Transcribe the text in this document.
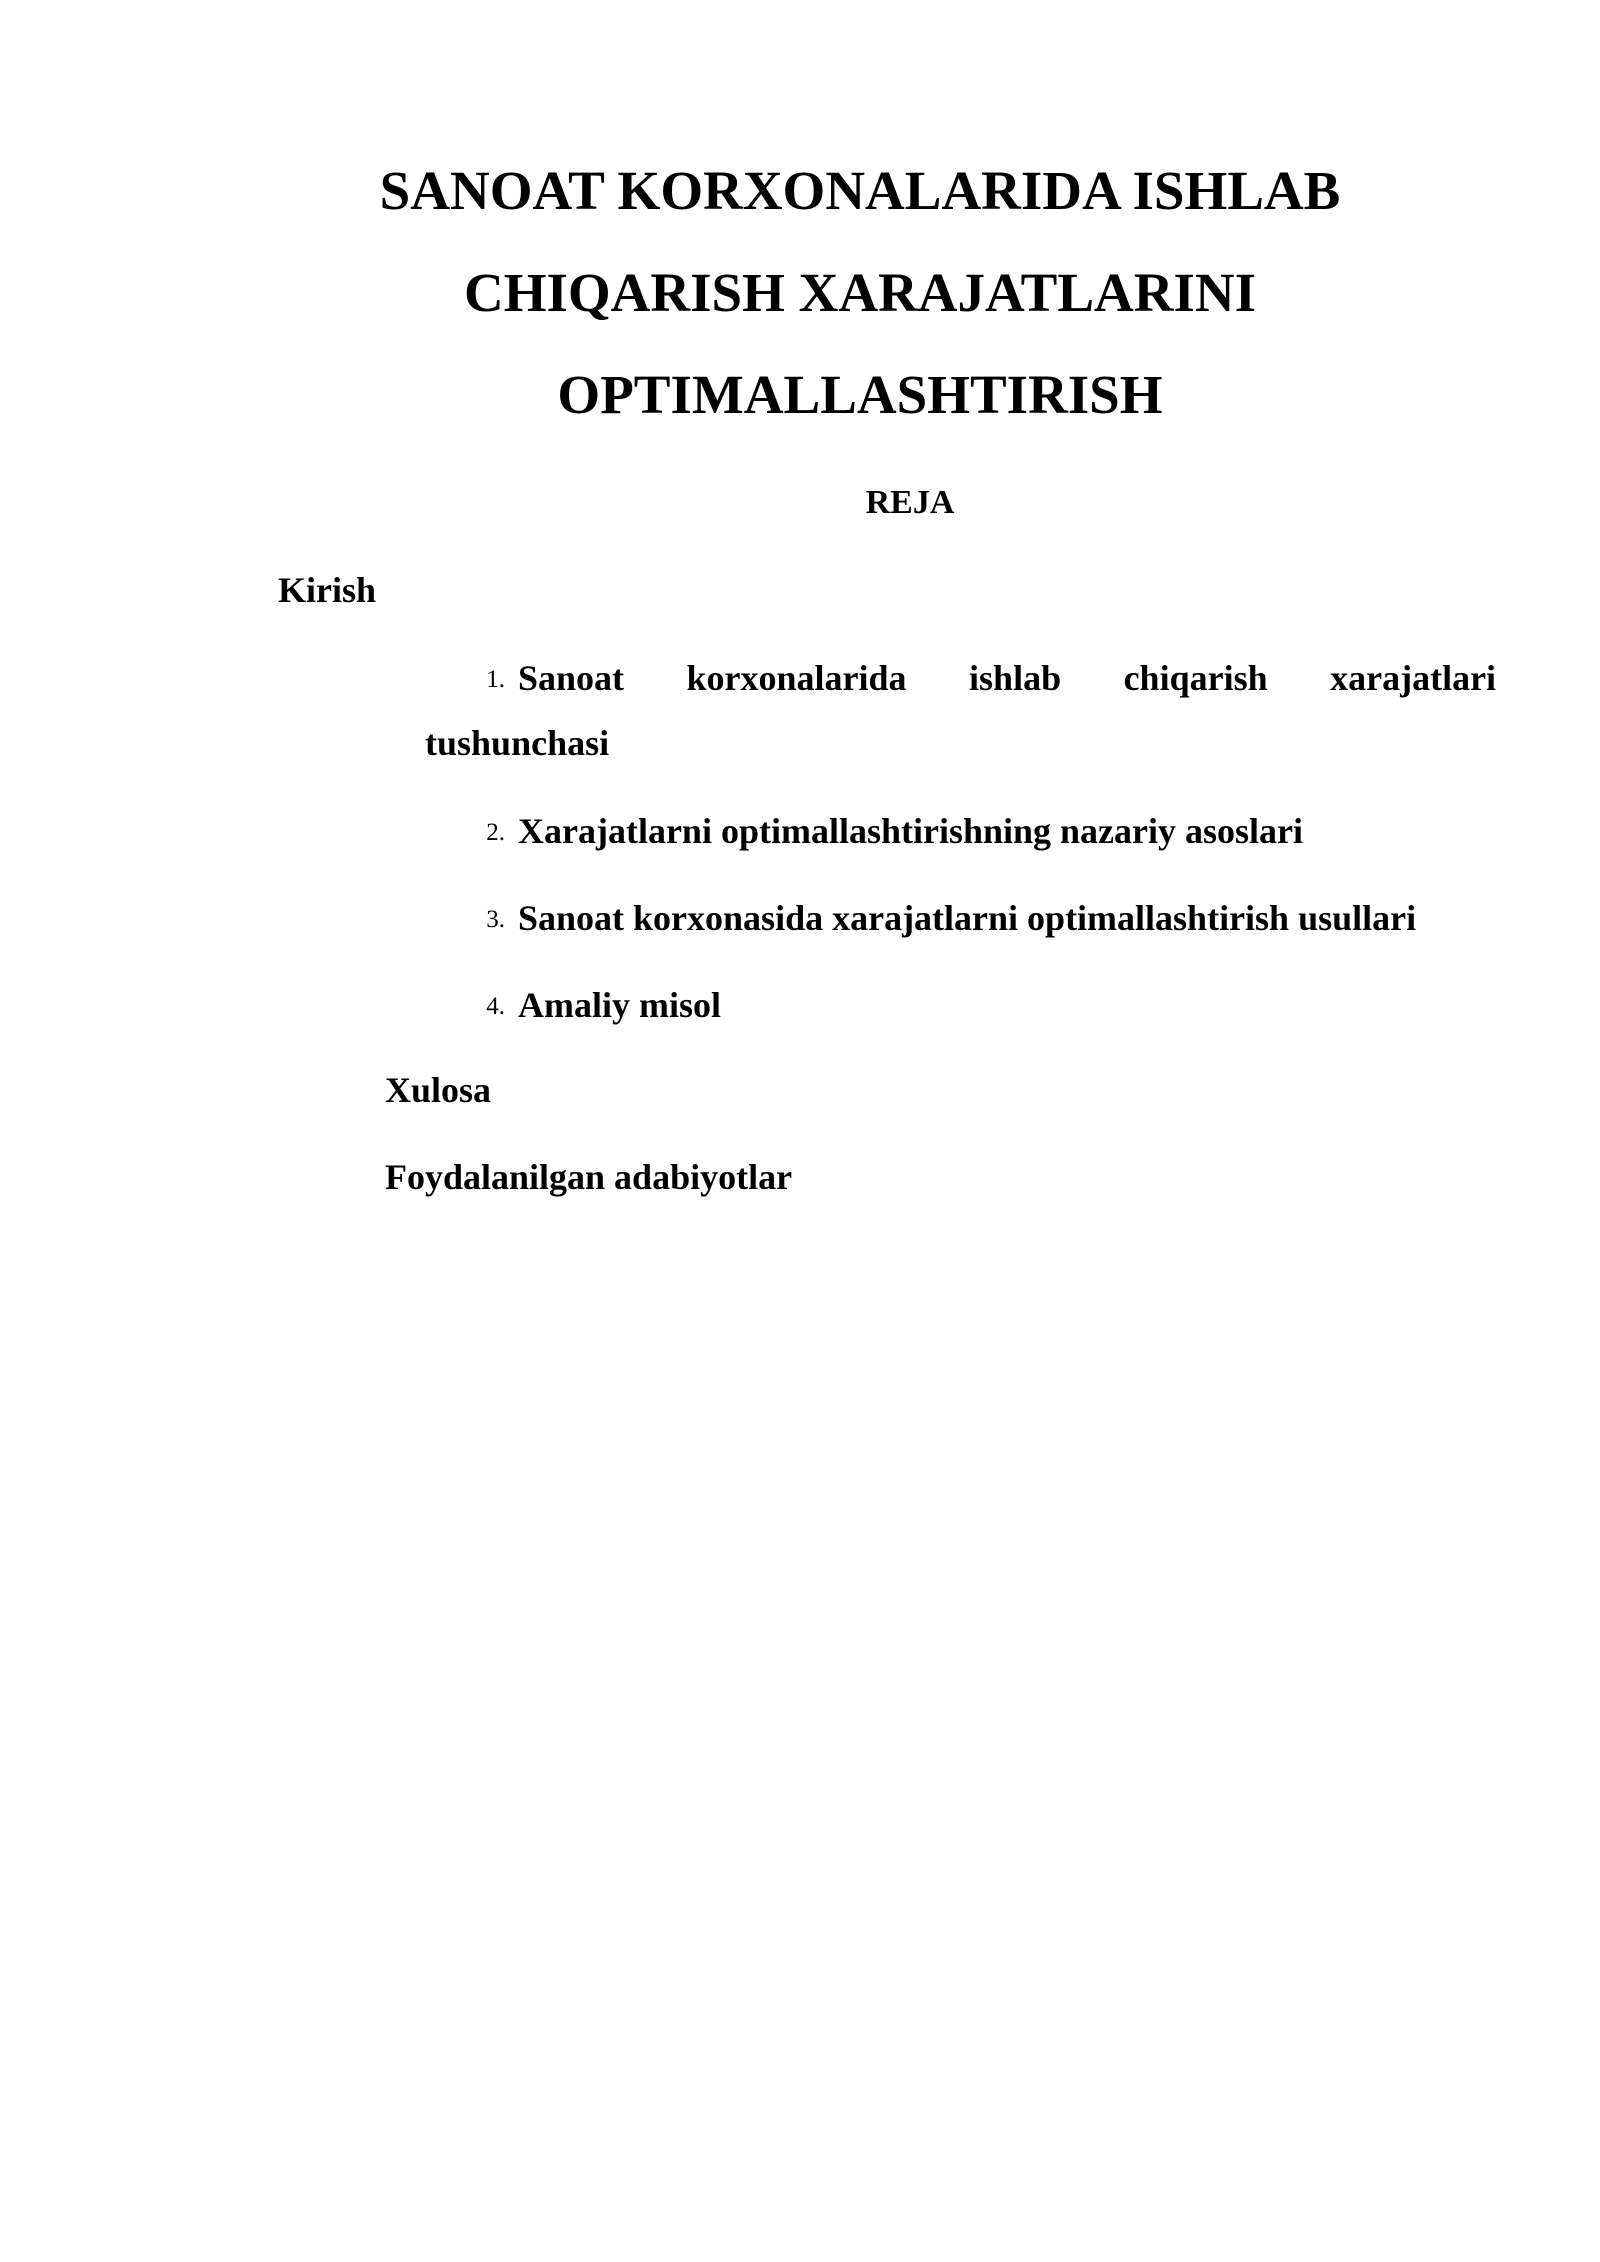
SANOAT KORXONALARIDA ISHLAB
CHIQARISH XARAJATLARINI
OPTIMALLASHTIRISH

REJA

Kirish

1. Sanoat korxonalarida ishlab chiqarish xarajatlari
tushunchasi
2. Xarajatlarni optimallashtirishning nazariy asoslari
3. Sanoat korxonasida xarajatlarni optimallashtirish usullari
4. Amaliy misol

Xulosa

Foydalanilgan adabiyotlar
